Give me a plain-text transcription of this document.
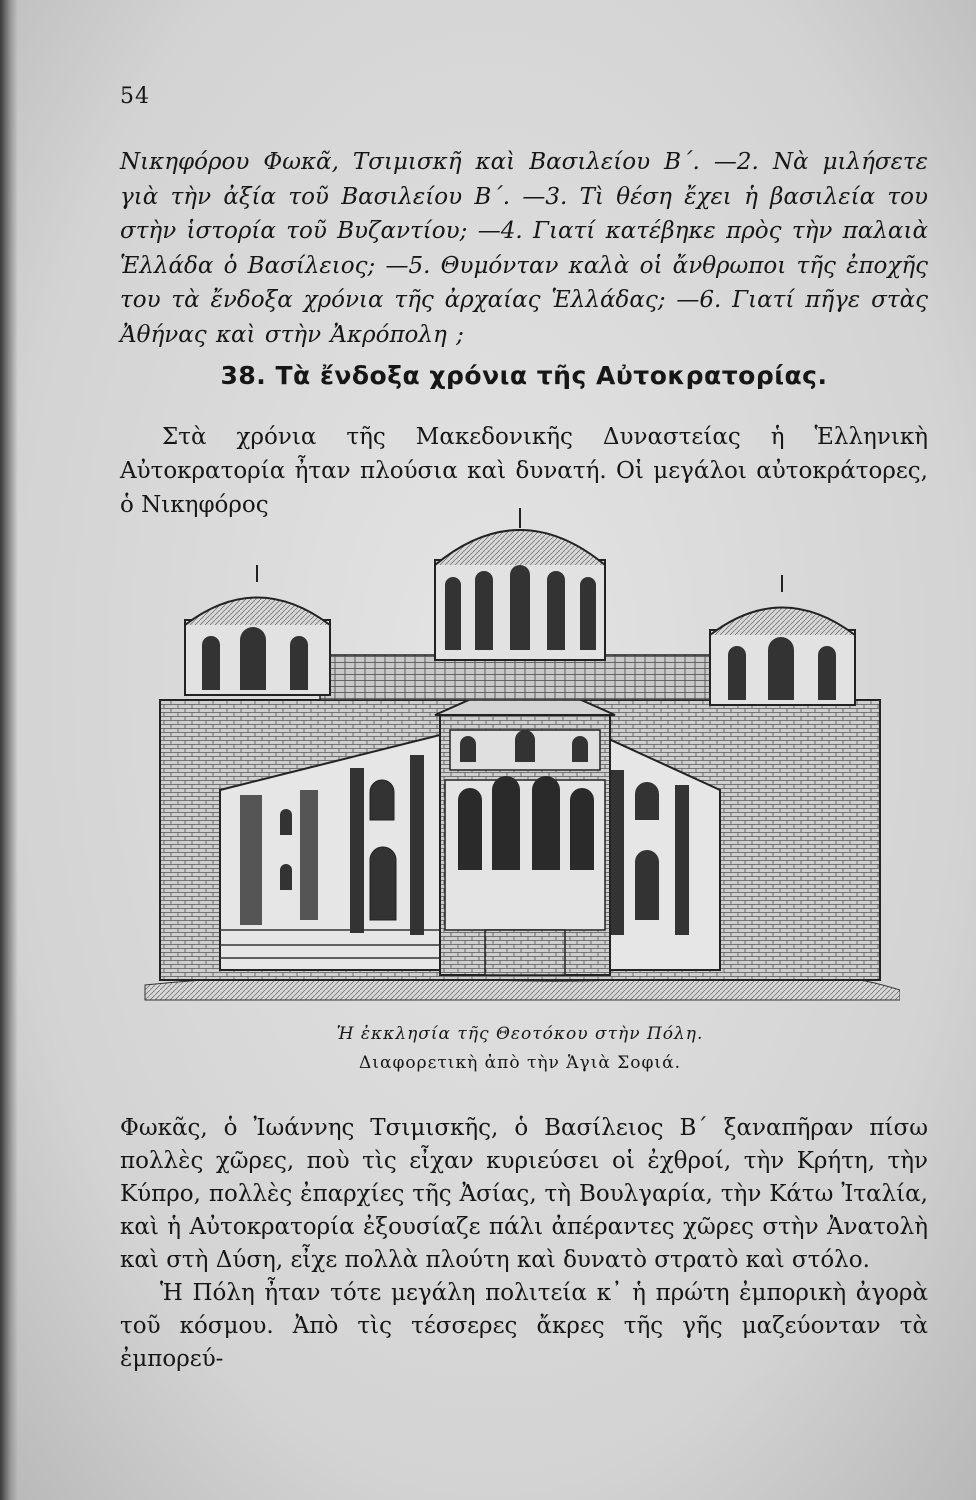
54
Νικηφόρου Φωκᾶ, Τσιμισκῆ καὶ Βασιλείου Β΄. —2. Νὰ μιλήσετε γιὰ τὴν ἀξία τοῦ Βασιλείου Β΄. —3. Τὶ θέση ἔχει ἡ βασιλεία του στὴν ἱστορία τοῦ Βυζαντίου; —4. Γιατί κατέβηκε πρὸς τὴν παλαιὰ Ἑλλάδα ὁ Βασίλειος; —5. Θυμόνταν καλὰ οἱ ἄνθρωποι τῆς ἐποχῆς του τὰ ἔνδοξα χρόνια τῆς ἀρχαίας Ἑλλάδας; —6. Γιατί πῆγε στὰς Ἀθήνας καὶ στὴν Ἀκρόπολη ;
38. Τὰ ἔνδοξα χρόνια τῆς Αὐτοκρατορίας.
Στὰ χρόνια τῆς Μακεδονικῆς Δυναστείας ἡ Ἑλληνικὴ Αὐτοκρατορία ἦταν πλούσια καὶ δυνατή. Οἱ μεγάλοι αὐτοκράτορες, ὁ Νικηφόρος
Ἡ ἐκκλησία τῆς Θεοτόκου στὴν Πόλη.
Διαφορετικὴ ἀπὸ τὴν Ἁγιὰ Σοφιά.

Φωκᾶς, ὁ Ἰωάννης Τσιμισκῆς, ὁ Βασίλειος Β΄ ξαναπῆραν πίσω πολλὲς χῶρες, ποὺ τὶς εἶχαν κυριεύσει οἱ ἐχθροί, τὴν Κρήτη, τὴν Κύπρο, πολλὲς ἐπαρχίες τῆς Ἀσίας, τὴ Βουλγαρία, τὴν Κάτω Ἰταλία, καὶ ἡ Αὐτοκρατορία ἐξουσίαζε πάλι ἀπέραντες χῶρες στὴν Ἀνατολὴ καὶ στὴ Δύση, εἶχε πολλὰ πλούτη καὶ δυνατὸ στρατὸ καὶ στόλο.

Ἡ Πόλη ἦταν τότε μεγάλη πολιτεία κ᾿ ἡ πρώτη ἐμπορικὴ ἀγορὰ τοῦ κόσμου. Ἀπὸ τὶς τέσσερες ἄκρες τῆς γῆς μαζεύονταν τὰ ἐμπορεύ-
